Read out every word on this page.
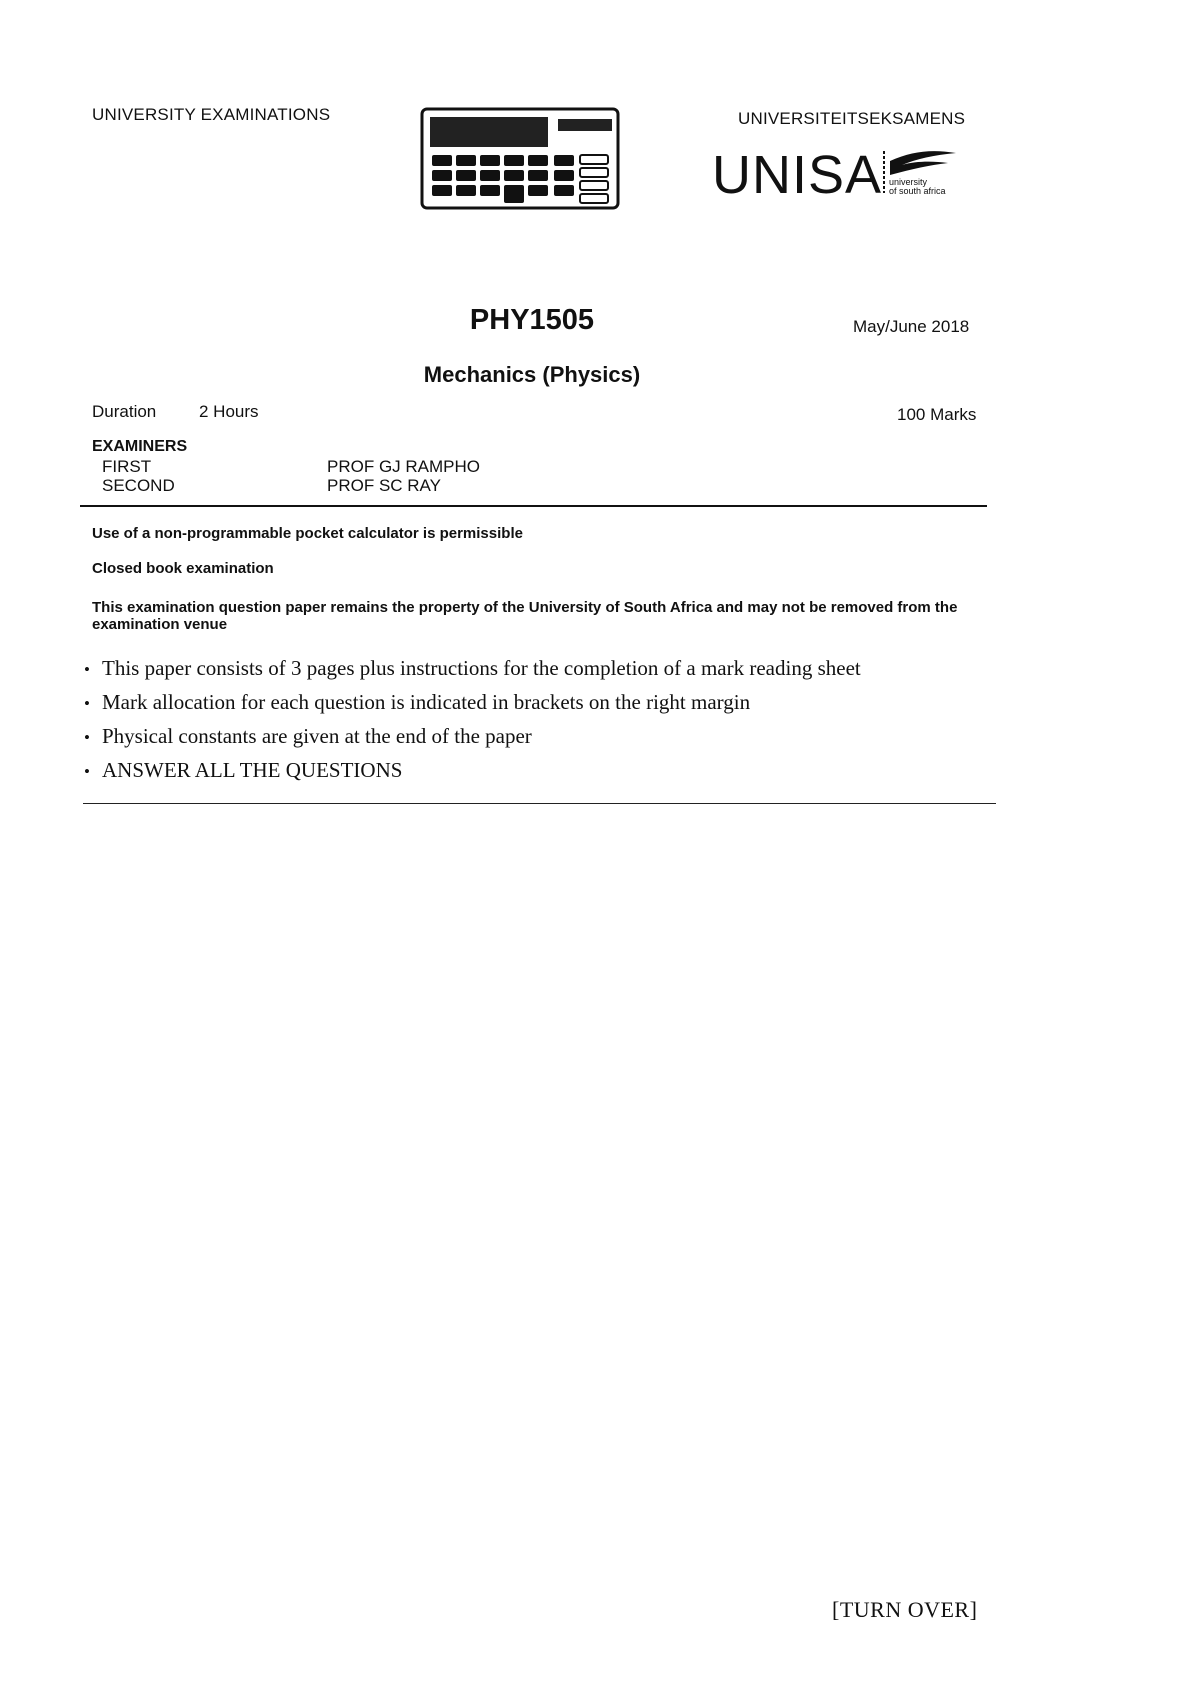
UNIVERSITY EXAMINATIONS	UNIVERSITEITSEKSAMENS
UNISA university
of south africa
PHY1505	May/June 2018
Mechanics (Physics)
Duration	2 Hours	100 Marks
EXAMINERS
FIRST	PROF GJ RAMPHO
SECOND	PROF SC RAY
Use of a non-programmable pocket calculator is permissible
Closed book examination
This examination question paper remains the property of the University of South Africa and may not be removed from the examination venue
• This paper consists of 3 pages plus instructions for the completion of a mark reading sheet
• Mark allocation for each question is indicated in brackets on the right margin
• Physical constants are given at the end of the paper
• ANSWER ALL THE QUESTIONS
[TURN OVER]
